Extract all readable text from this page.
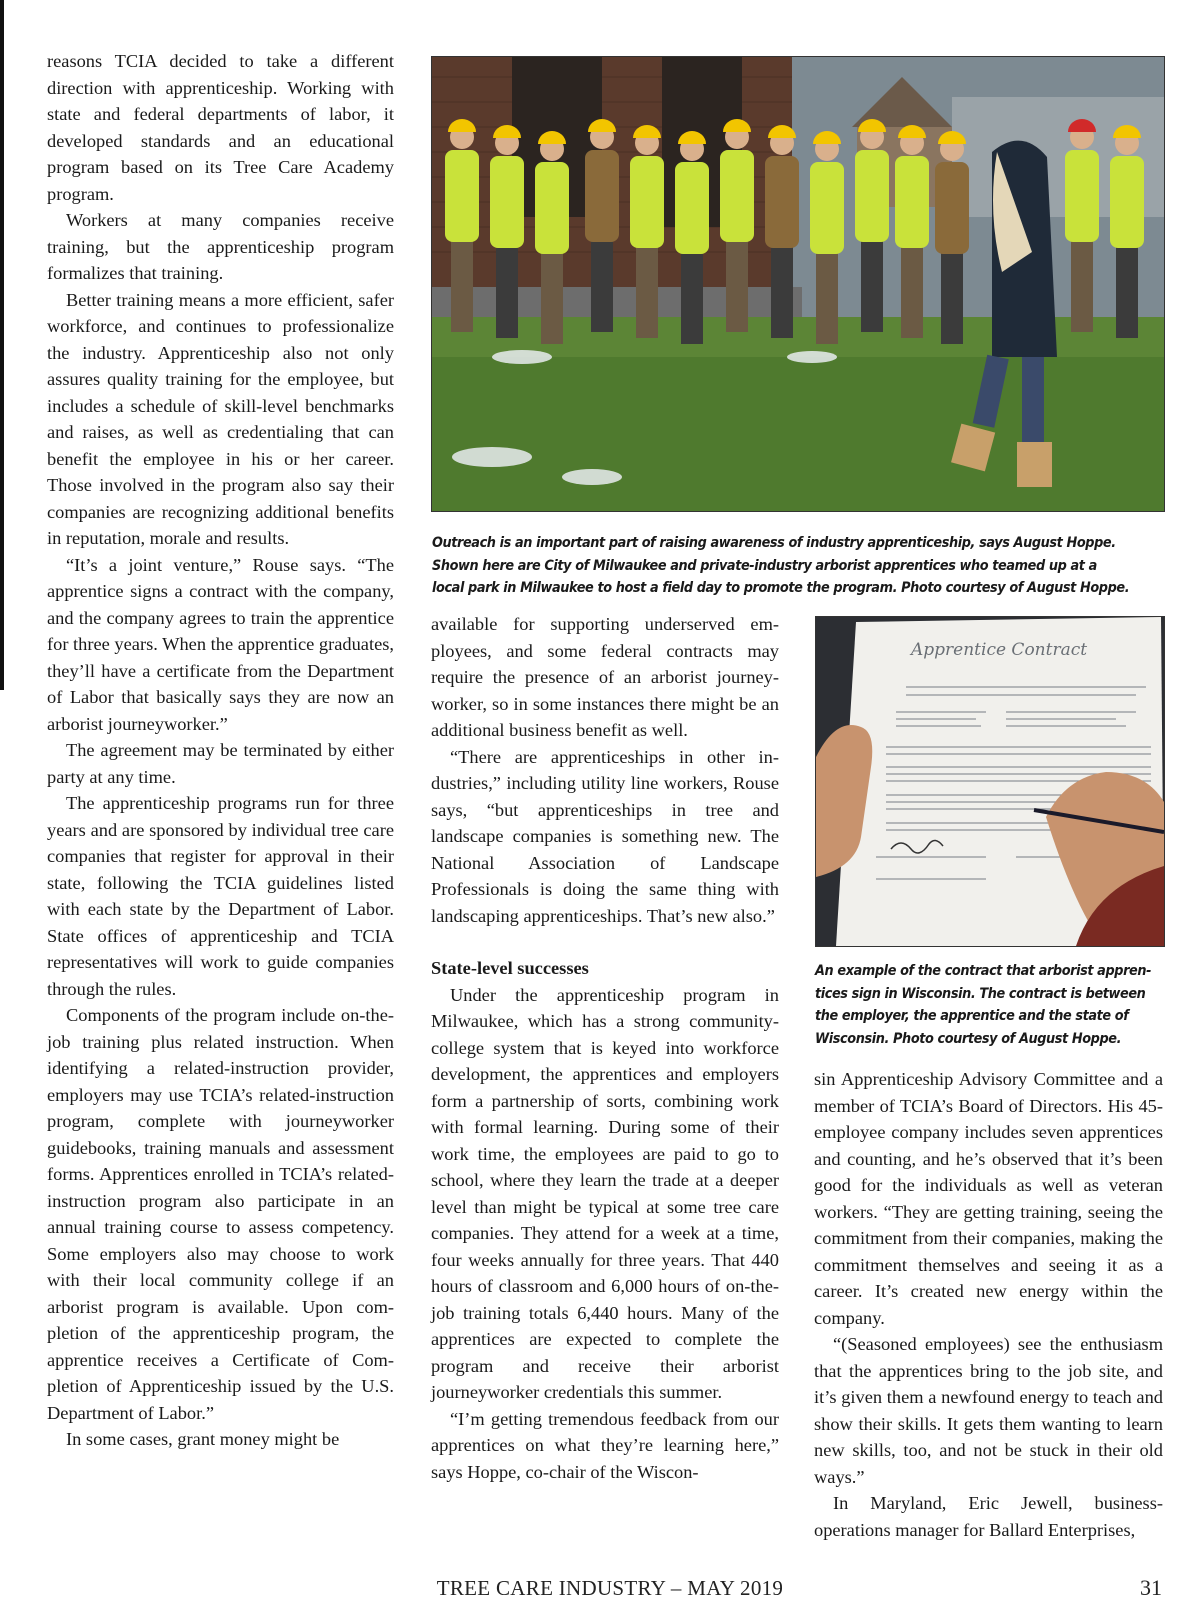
reasons TCIA decided to take a different direction with apprenticeship. Working with state and federal departments of labor, it developed standards and an educational program based on its Tree Care Academy program.

Workers at many companies receive training, but the apprenticeship program formalizes that training.

Better training means a more efficient, safer workforce, and continues to professionalize the industry. Apprenticeship also not only assures quality training for the employee, but includes a schedule of skill-level benchmarks and raises, as well as credentialing that can benefit the employee in his or her career. Those involved in the program also say their companies are recognizing additional benefits in reputation, morale and results.

“It’s a joint venture,” Rouse says. “The apprentice signs a contract with the company, and the company agrees to train the apprentice for three years. When the apprentice graduates, they’ll have a certificate from the Department of Labor that basically says they are now an arborist journeyworker.”

The agreement may be terminated by either party at any time.

The apprenticeship programs run for three years and are sponsored by individual tree care companies that register for approval in their state, following the TCIA guidelines listed with each state by the Department of Labor. State offices of apprenticeship and TCIA representatives will work to guide companies through the rules.

Components of the program include on-the-job training plus related instruction. When identifying a related-instruction provider, employers may use TCIA’s related-instruction program, complete with journeyworker guidebooks, training manuals and assessment forms. Apprentices enrolled in TCIA’s related-instruction program also participate in an annual training course to assess competency. Some employers also may choose to work with their local community college if an arborist program is available. Upon completion of the apprenticeship program, the apprentice receives a Certificate of Completion of Apprenticeship issued by the U.S. Department of Labor.”

In some cases, grant money might be

Outreach is an important part of raising awareness of industry apprenticeship, says August Hoppe. Shown here are City of Milwaukee and private-industry arborist apprentices who teamed up at a local park in Milwaukee to host a field day to promote the program. Photo courtesy of August Hoppe.

available for supporting underserved employees, and some federal contracts may require the presence of an arborist journeyworker, so in some instances there might be an additional business benefit as well.

“There are apprenticeships in other industries,” including utility line workers, Rouse says, “but apprenticeships in tree and landscape companies is something new. The National Association of Landscape Professionals is doing the same thing with landscaping apprenticeships. That’s new also.”

State-level successes

Under the apprenticeship program in Milwaukee, which has a strong community-college system that is keyed into workforce development, the apprentices and employers form a partnership of sorts, combining work with formal learning. During some of their work time, the employees are paid to go to school, where they learn the trade at a deeper level than might be typical at some tree care companies. They attend for a week at a time, four weeks annually for three years. That 440 hours of classroom and 6,000 hours of on-the-job training totals 6,440 hours. Many of the apprentices are expected to complete the program and receive their arborist journeyworker credentials this summer.

“I’m getting tremendous feedback from our apprentices on what they’re learning here,” says Hoppe, co-chair of the Wiscon-

Apprentice Contract
An example of the contract that arborist apprentices sign in Wisconsin. The contract is between the employer, the apprentice and the state of Wisconsin. Photo courtesy of August Hoppe.

sin Apprenticeship Advisory Committee and a member of TCIA’s Board of Directors. His 45-employee company includes seven apprentices and counting, and he’s observed that it’s been good for the individuals as well as veteran workers. “They are getting training, seeing the commitment from their companies, making the commitment themselves and seeing it as a career. It’s created new energy within the company.

“(Seasoned employees) see the enthusiasm that the apprentices bring to the job site, and it’s given them a newfound energy to teach and show their skills. It gets them wanting to learn new skills, too, and not be stuck in their old ways.”

In Maryland, Eric Jewell, business-operations manager for Ballard Enterprises,

TREE CARE INDUSTRY – MAY 2019	31
